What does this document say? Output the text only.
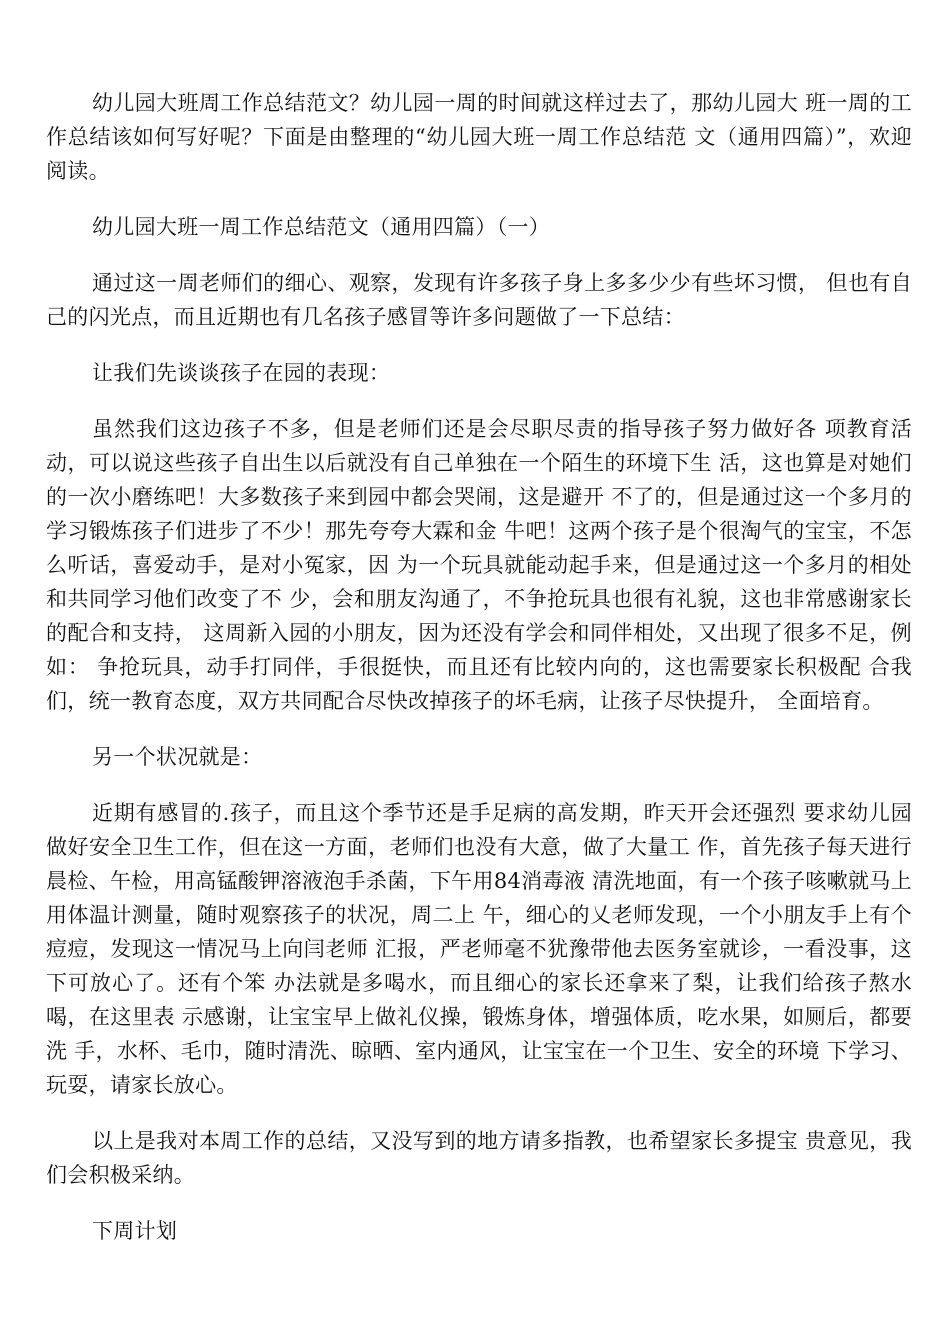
幼儿园大班周工作总结范文？幼儿园一周的时间就这样过去了，那幼儿园大 班一周的工作总结该如何写好呢？下面是由整理的“幼儿园大班一周工作总结范 文（通用四篇）”，欢迎阅读。

幼儿园大班一周工作总结范文（通用四篇）（一）

通过这一周老师们的细心、观察，发现有许多孩子身上多多少少有些坏习惯， 但也有自己的闪光点，而且近期也有几名孩子感冒等许多问题做了一下总结：

让我们先谈谈孩子在园的表现：

虽然我们这边孩子不多，但是老师们还是会尽职尽责的指导孩子努力做好各 项教育活动，可以说这些孩子自出生以后就没有自己单独在一个陌生的环境下生 活，这也算是对她们的一次小磨练吧！大多数孩子来到园中都会哭闹，这是避开 不了的，但是通过这一个多月的学习锻炼孩子们进步了不少！那先夸夸大霖和金 牛吧！这两个孩子是个很淘气的宝宝，不怎么听话，喜爱动手，是对小冤家，因 为一个玩具就能动起手来，但是通过这一个多月的相处和共同学习他们改变了不 少，会和朋友沟通了，不争抢玩具也很有礼貌，这也非常感谢家长的配合和支持， 这周新入园的小朋友，因为还没有学会和同伴相处，又出现了很多不足，例如： 争抢玩具，动手打同伴，手很挺快，而且还有比较内向的，这也需要家长积极配 合我们，统一教育态度，双方共同配合尽快改掉孩子的坏毛病，让孩子尽快提升， 全面培育。

另一个状况就是：

近期有感冒的.孩子，而且这个季节还是手足病的高发期，昨天开会还强烈 要求幼儿园做好安全卫生工作，但在这一方面，老师们也没有大意，做了大量工 作，首先孩子每天进行晨检、午检，用高锰酸钾溶液泡手杀菌，下午用84消毒液 清洗地面，有一个孩子咳嗽就马上用体温计测量，随时观察孩子的状况，周二上 午，细心的乂老师发现，一个小朋友手上有个痘痘，发现这一情况马上向闫老师 汇报，严老师毫不犹豫带他去医务室就诊，一看没事，这下可放心了。还有个笨 办法就是多喝水，而且细心的家长还拿来了梨，让我们给孩子熬水喝，在这里表 示感谢，让宝宝早上做礼仪操，锻炼身体，增强体质，吃水果，如厕后，都要洗 手，水杯、毛巾，随时清洗、晾晒、室内通风，让宝宝在一个卫生、安全的环境 下学习、玩耍，请家长放心。

以上是我对本周工作的总结，又没写到的地方请多指教，也希望家长多提宝 贵意见，我们会积极采纳。

下周计划
